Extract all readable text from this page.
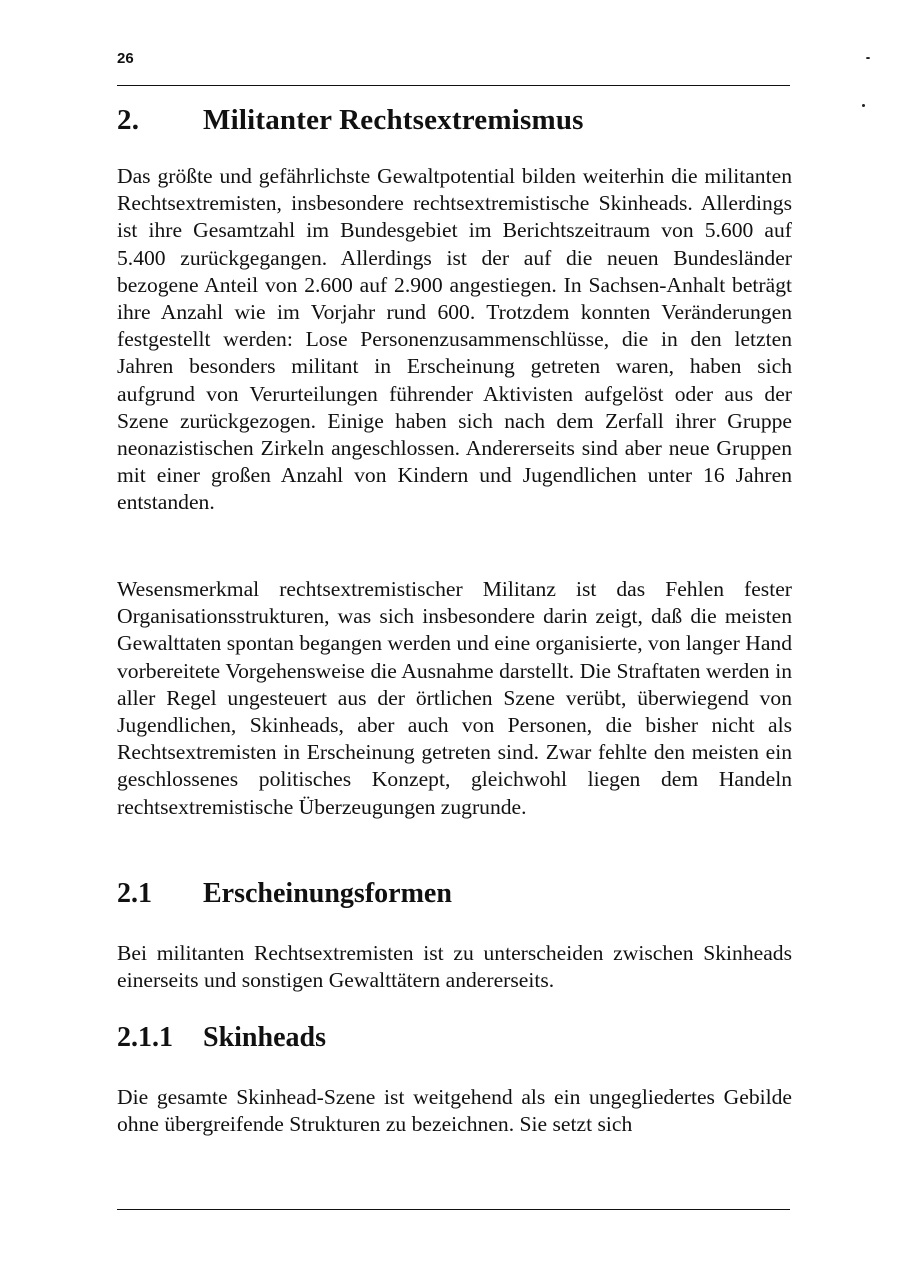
26
2. Militanter Rechtsextremismus

Das größte und gefährlichste Gewaltpotential bilden weiterhin die militanten Rechtsextremisten, insbesondere rechtsextremistische Skinheads. Allerdings ist ihre Gesamtzahl im Bundesgebiet im Berichtszeitraum von 5.600 auf 5.400 zurückgegangen. Allerdings ist der auf die neuen Bundesländer bezogene Anteil von 2.600 auf 2.900 angestiegen. In Sachsen-Anhalt beträgt ihre Anzahl wie im Vorjahr rund 600. Trotzdem konnten Veränderungen festgestellt werden: Lose Personenzusammenschlüsse, die in den letzten Jahren besonders militant in Erscheinung getreten waren, haben sich aufgrund von Verurteilungen führender Aktivisten aufgelöst oder aus der Szene zurückgezogen. Einige haben sich nach dem Zerfall ihrer Gruppe neonazistischen Zirkeln angeschlossen. Andererseits sind aber neue Gruppen mit einer großen Anzahl von Kindern und Jugendlichen unter 16 Jahren entstanden.

Wesensmerkmal rechtsextremistischer Militanz ist das Fehlen fester Organisationsstrukturen, was sich insbesondere darin zeigt, daß die meisten Gewalttaten spontan begangen werden und eine organisierte, von langer Hand vorbereitete Vorgehensweise die Ausnahme darstellt. Die Straftaten werden in aller Regel ungesteuert aus der örtlichen Szene verübt, überwiegend von Jugendlichen, Skinheads, aber auch von Personen, die bisher nicht als Rechtsextremisten in Erscheinung getreten sind. Zwar fehlte den meisten ein geschlossenes politisches Konzept, gleichwohl liegen dem Handeln rechtsextremistische Überzeugungen zugrunde.

2.1 Erscheinungsformen

Bei militanten Rechtsextremisten ist zu unterscheiden zwischen Skinheads einerseits und sonstigen Gewalttätern andererseits.

2.1.1 Skinheads

Die gesamte Skinhead-Szene ist weitgehend als ein ungegliedertes Gebilde ohne übergreifende Strukturen zu bezeichnen. Sie setzt sich
